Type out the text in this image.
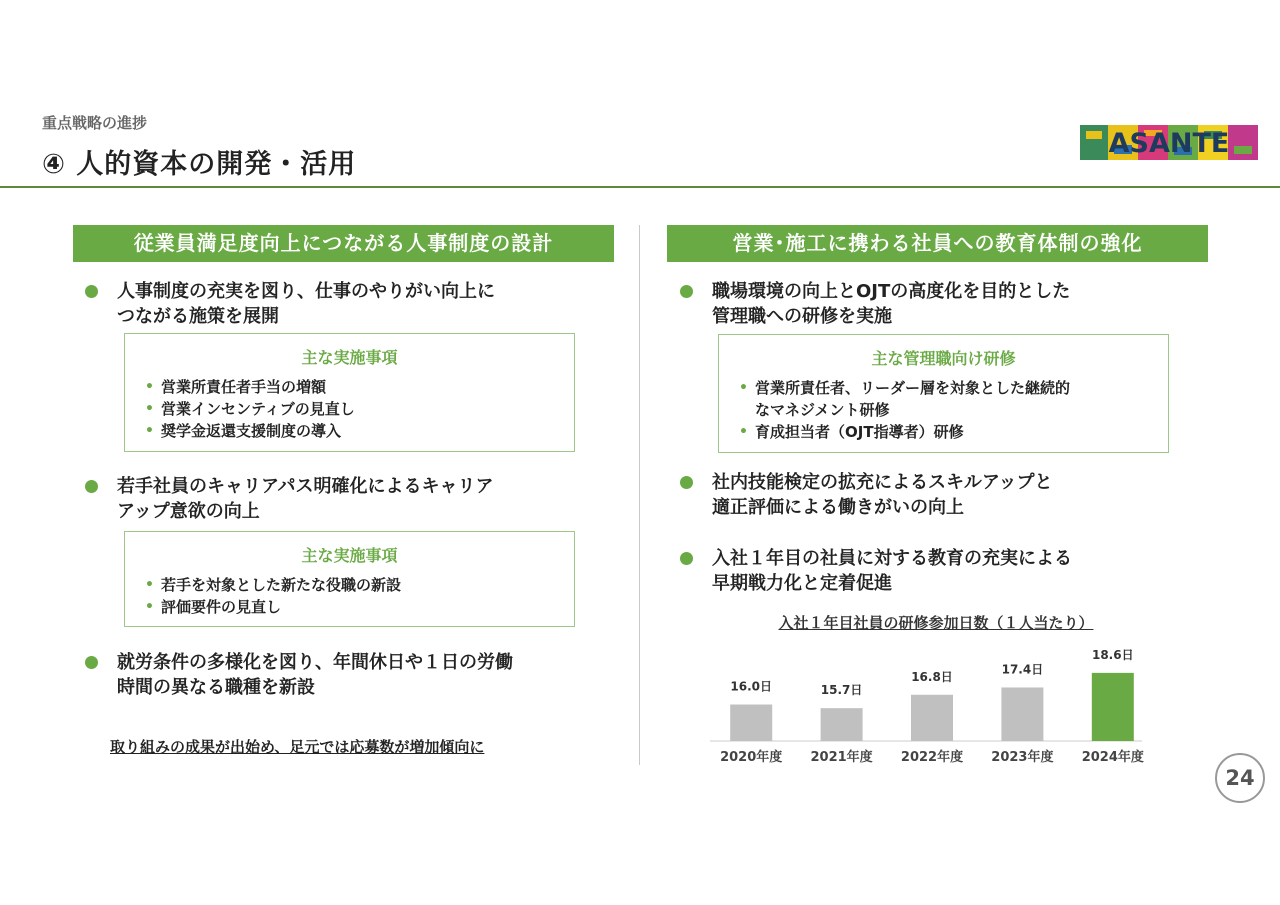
重点戦略の進捗
④ 人的資本の開発・活用
ASANTE
従業員満足度向上につながる人事制度の設計
人事制度の充実を図り、仕事のやりがい向上に
つながる施策を展開
主な実施事項
• 営業所責任者手当の増額
• 営業インセンティブの見直し
• 奨学金返還支援制度の導入
若手社員のキャリアパス明確化によるキャリア
アップ意欲の向上
主な実施事項
• 若手を対象とした新たな役職の新設
• 評価要件の見直し
就労条件の多様化を図り、年間休日や１日の労働
時間の異なる職種を新設
取り組みの成果が出始め、足元では応募数が増加傾向に
営業･施工に携わる社員への教育体制の強化
職場環境の向上とOJTの高度化を目的とした
管理職への研修を実施
主な管理職向け研修
• 営業所責任者、リーダー層を対象とした継続的
なマネジメント研修
• 育成担当者（OJT指導者）研修
社内技能検定の拡充によるスキルアップと
適正評価による働きがいの向上
入社１年目の社員に対する教育の充実による
早期戦力化と定着促進
入社１年目社員の研修参加日数（１人当たり）
16.0日
2020年度
15.7日
2021年度
16.8日
2022年度
17.4日
2023年度
18.6日
2024年度
24
